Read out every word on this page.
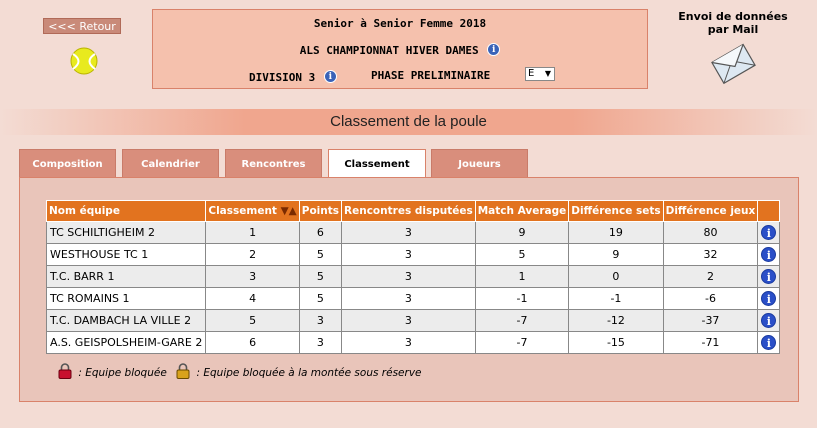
<<< Retour	Senior à Senior Femme 2018
ALS CHAMPIONNAT HIVER DAMES i
DIVISION 3 i	PHASE PRELIMINAIRE	E ▼
Envoi de données
par Mail
Classement de la poule
Composition	Calendrier	Rencontres	Classement	Joueurs
Nom équipe	Classement ▼▲	Points	Rencontres disputées	Match Average	Différence sets	Différence jeux	
TC SCHILTIGHEIM 2	1	6	3	9	19	80	i
WESTHOUSE TC 1	2	5	3	5	9	32	i
T.C. BARR 1	3	5	3	1	0	2	i
TC ROMAINS 1	4	5	3	-1	-1	-6	i
T.C. DAMBACH LA VILLE 2	5	3	3	-7	-12	-37	i
A.S. GEISPOLSHEIM-GARE 2	6	3	3	-7	-15	-71	i
: Equipe bloquée	: Equipe bloquée à la montée sous réserve
